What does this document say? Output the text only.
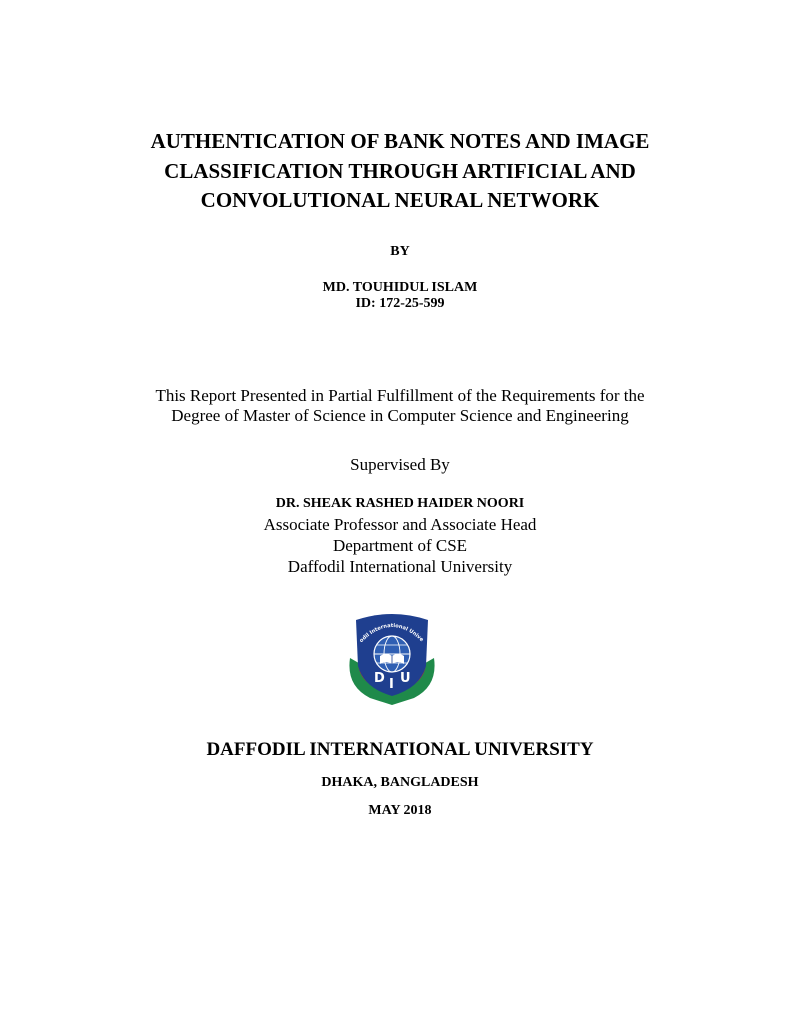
AUTHENTICATION OF BANK NOTES AND IMAGE
CLASSIFICATION THROUGH ARTIFICIAL AND
CONVOLUTIONAL NEURAL NETWORK
BY
MD. TOUHIDUL ISLAM
ID: 172-25-599
This Report Presented in Partial Fulfillment of the Requirements for the
Degree of Master of Science in Computer Science and Engineering
Supervised By
DR. SHEAK RASHED HAIDER NOORI
Associate Professor and Associate Head
Department of CSE
Daffodil International University
odil International Unive
D I U
DAFFODIL INTERNATIONAL UNIVERSITY
DHAKA, BANGLADESH
MAY 2018
